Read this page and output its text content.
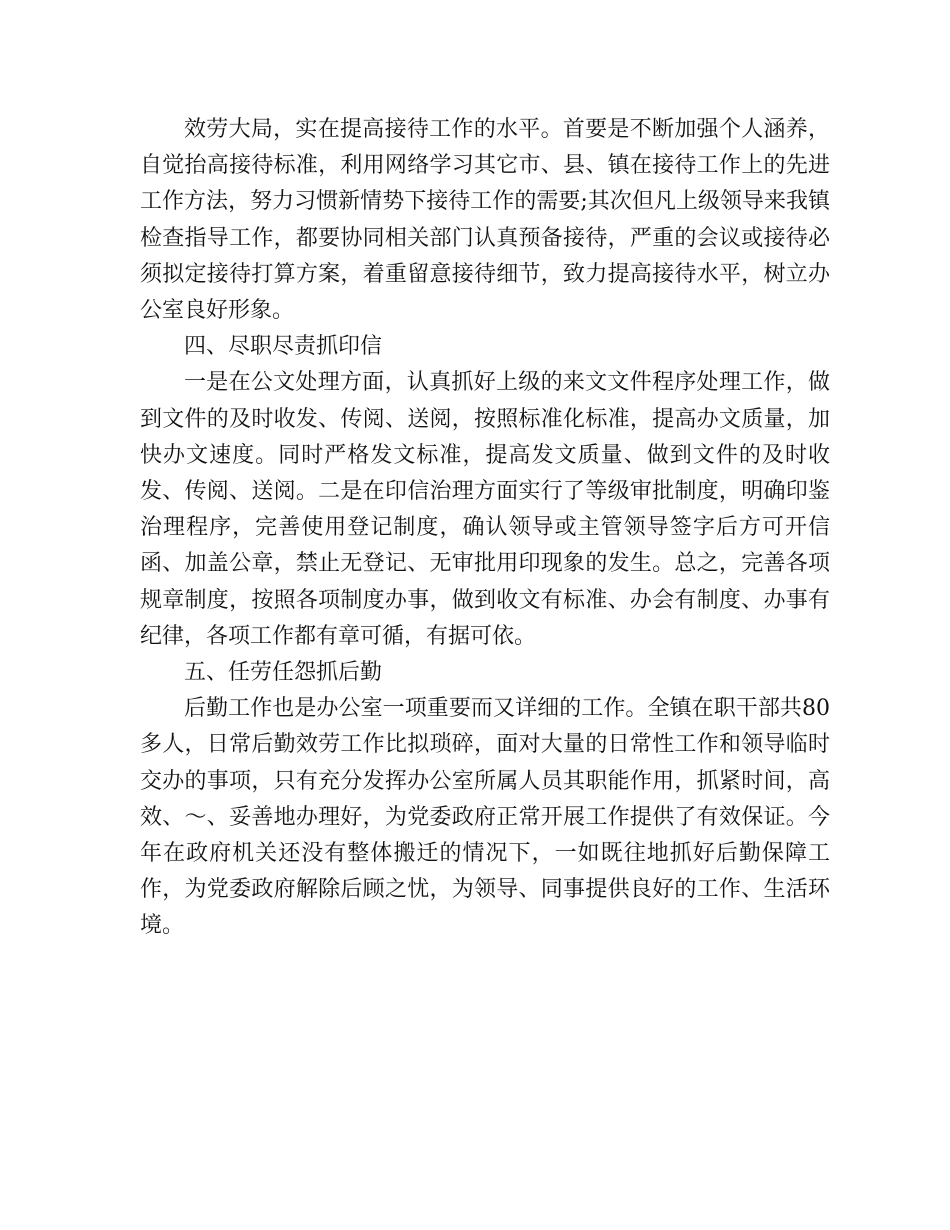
效劳大局，实在提高接待工作的水平。首要是不断加强个人涵养，自觉抬高接待标准，利用网络学习其它市、县、镇在接待工作上的先进工作方法，努力习惯新情势下接待工作的需要;其次但凡上级领导来我镇检查指导工作，都要协同相关部门认真预备接待，严重的会议或接待必须拟定接待打算方案，着重留意接待细节，致力提高接待水平，树立办公室良好形象。

四、尽职尽责抓印信

一是在公文处理方面，认真抓好上级的来文文件程序处理工作，做到文件的及时收发、传阅、送阅，按照标准化标准，提高办文质量，加快办文速度。同时严格发文标准，提高发文质量、做到文件的及时收发、传阅、送阅。二是在印信治理方面实行了等级审批制度，明确印鉴治理程序，完善使用登记制度，确认领导或主管领导签字后方可开信函、加盖公章，禁止无登记、无审批用印现象的发生。总之，完善各项规章制度，按照各项制度办事，做到收文有标准、办会有制度、办事有纪律，各项工作都有章可循，有据可依。

五、任劳任怨抓后勤

后勤工作也是办公室一项重要而又详细的工作。全镇在职干部共80多人，日常后勤效劳工作比拟琐碎，面对大量的日常性工作和领导临时交办的事项，只有充分发挥办公室所属人员其职能作用，抓紧时间，高效、～、妥善地办理好，为党委政府正常开展工作提供了有效保证。今年在政府机关还没有整体搬迁的情况下，一如既往地抓好后勤保障工作，为党委政府解除后顾之忧，为领导、同事提供良好的工作、生活环境。
